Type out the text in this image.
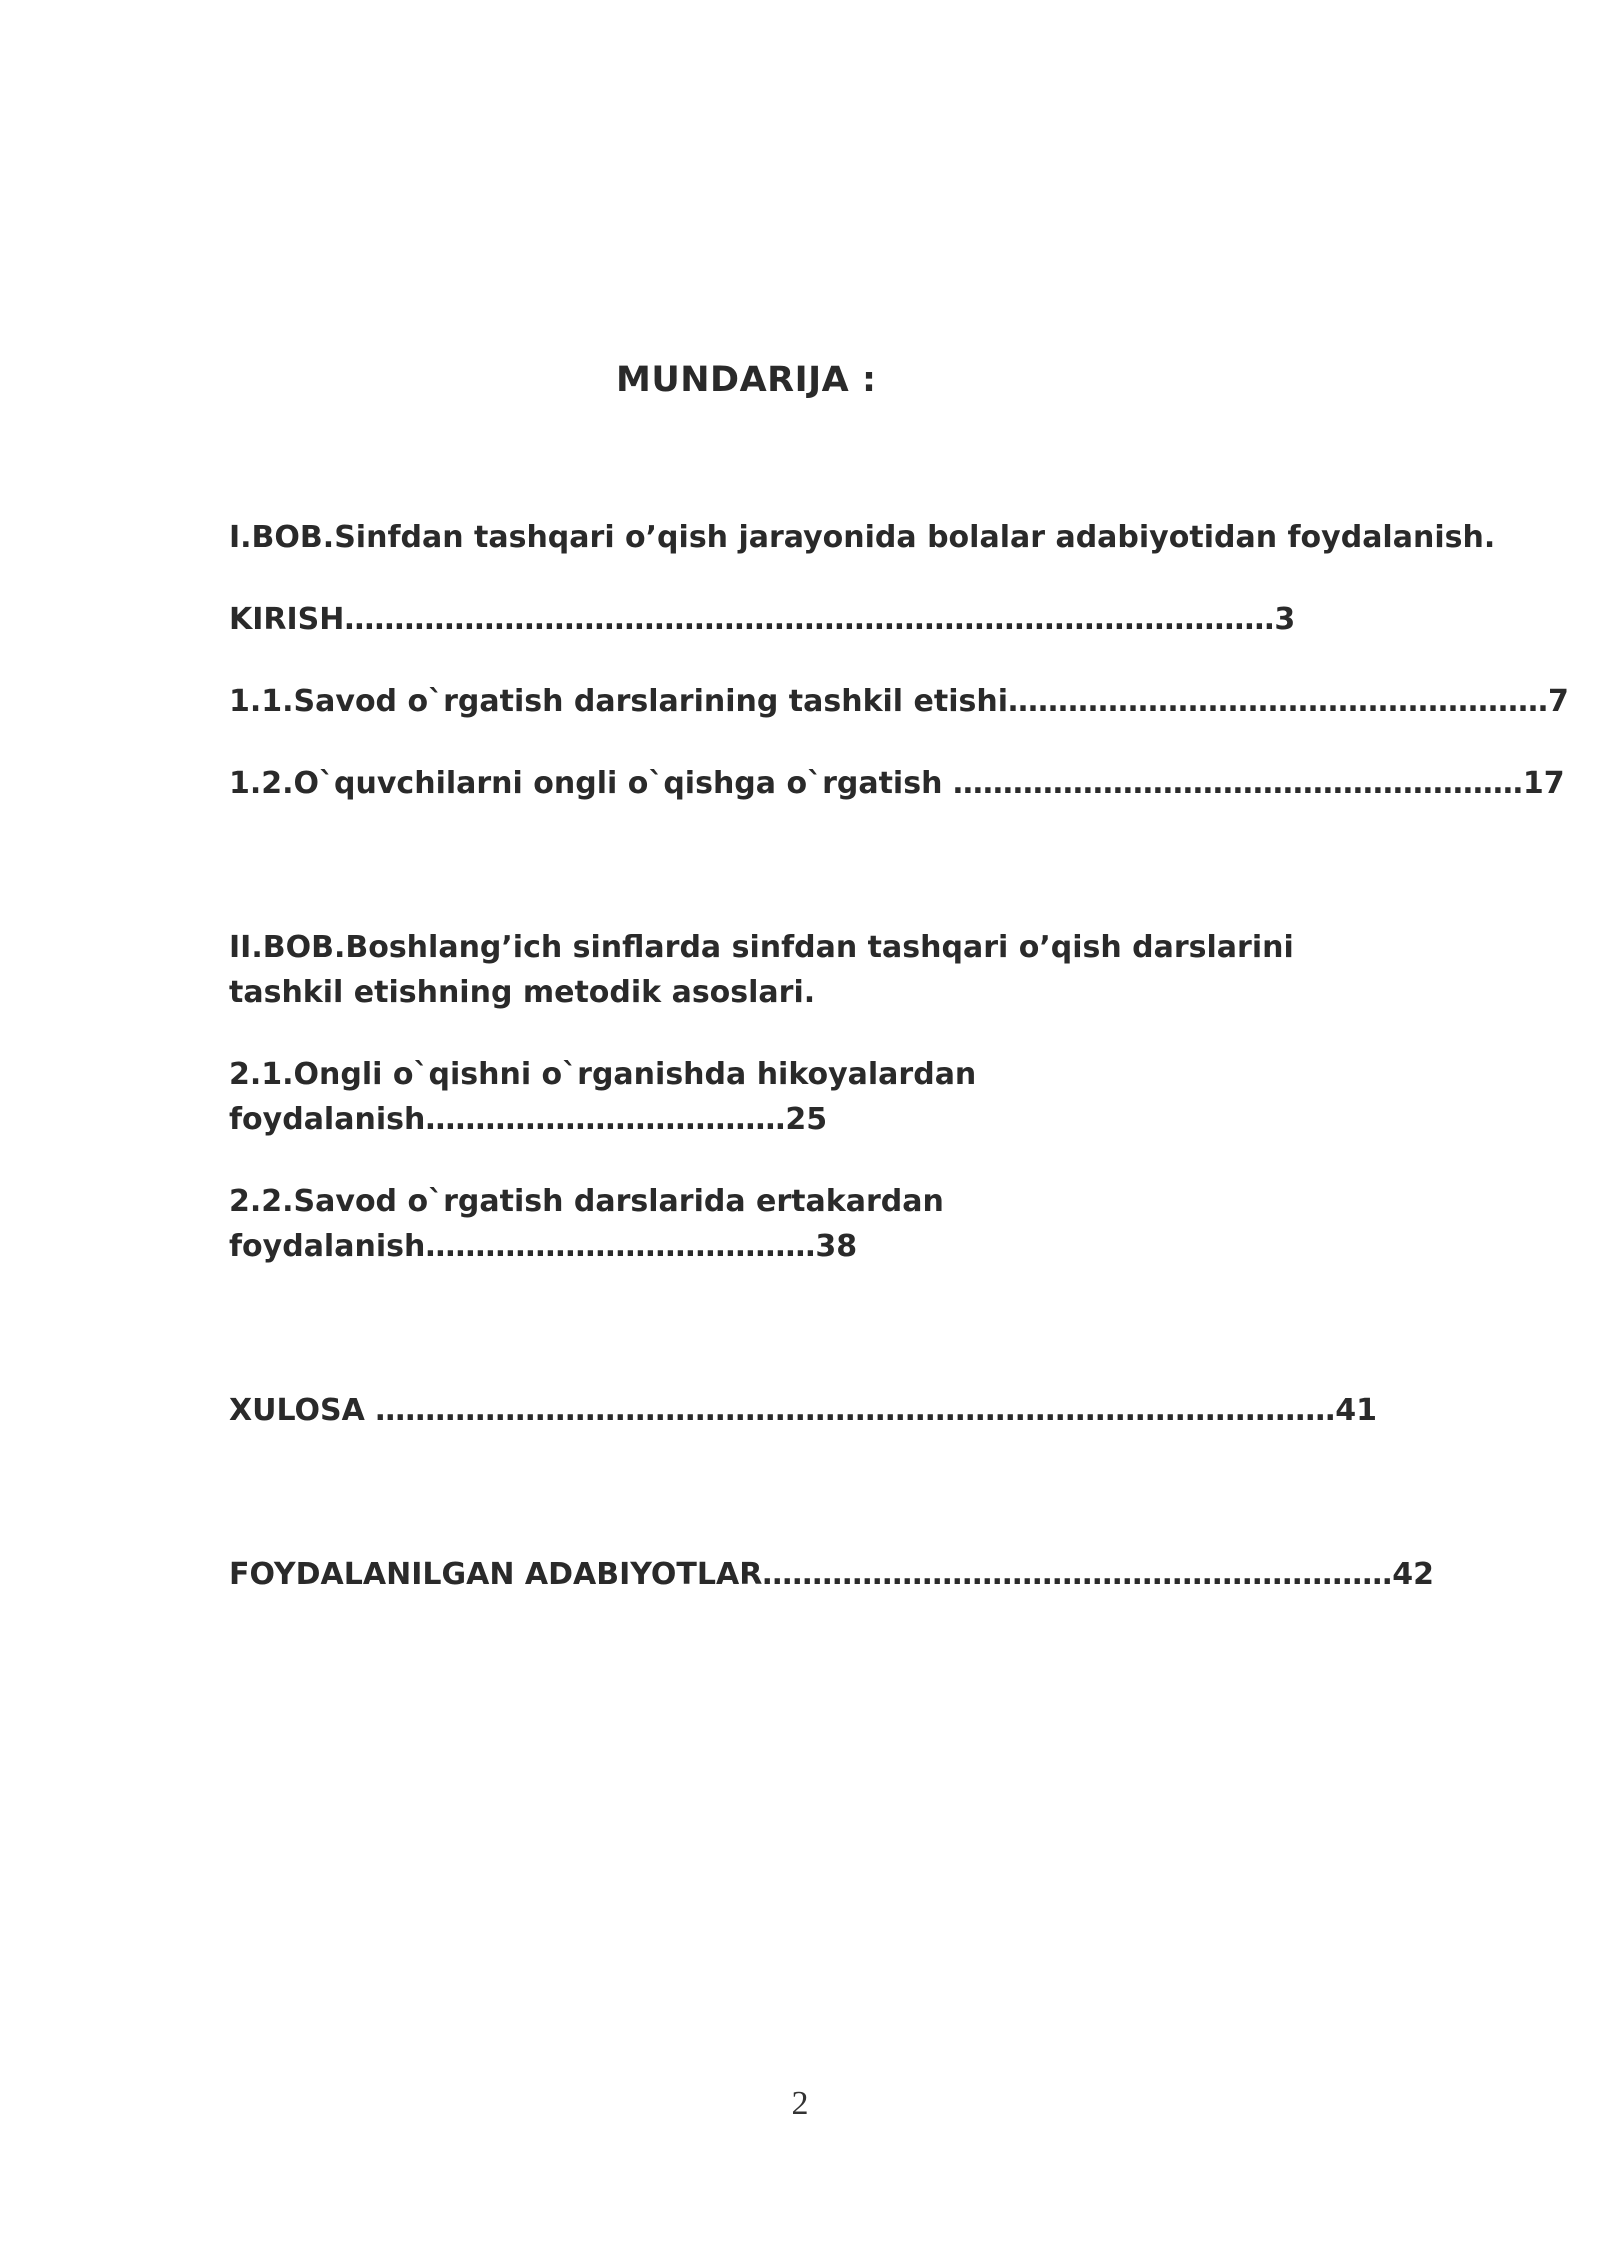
MUNDARIJA :
I.BOB.Sinfdan tashqari o’qish jarayonida bolalar adabiyotidan foydalanish.
KIRISH…………………………………………………………………………………3
1.1.Savod o`rgatish darslarining tashkil etishi………………………………………………7
1.2.O`quvchilarni ongli o`qishga o`rgatish …………………………………………………17
II.BOB.Boshlang’ich sinflarda sinfdan tashqari o’qish darslarini tashkil etishning metodik asoslari.
2.1.Ongli o`qishni o`rganishda hikoyalardan
foydalanish………………………………25
2.2.Savod o`rgatish darslarida ertakardan
foydalanish…………………………………38
XULOSA ……………………………………………………………………………………41
FOYDALANILGAN ADABIYOTLAR………………………………………………………42
2
